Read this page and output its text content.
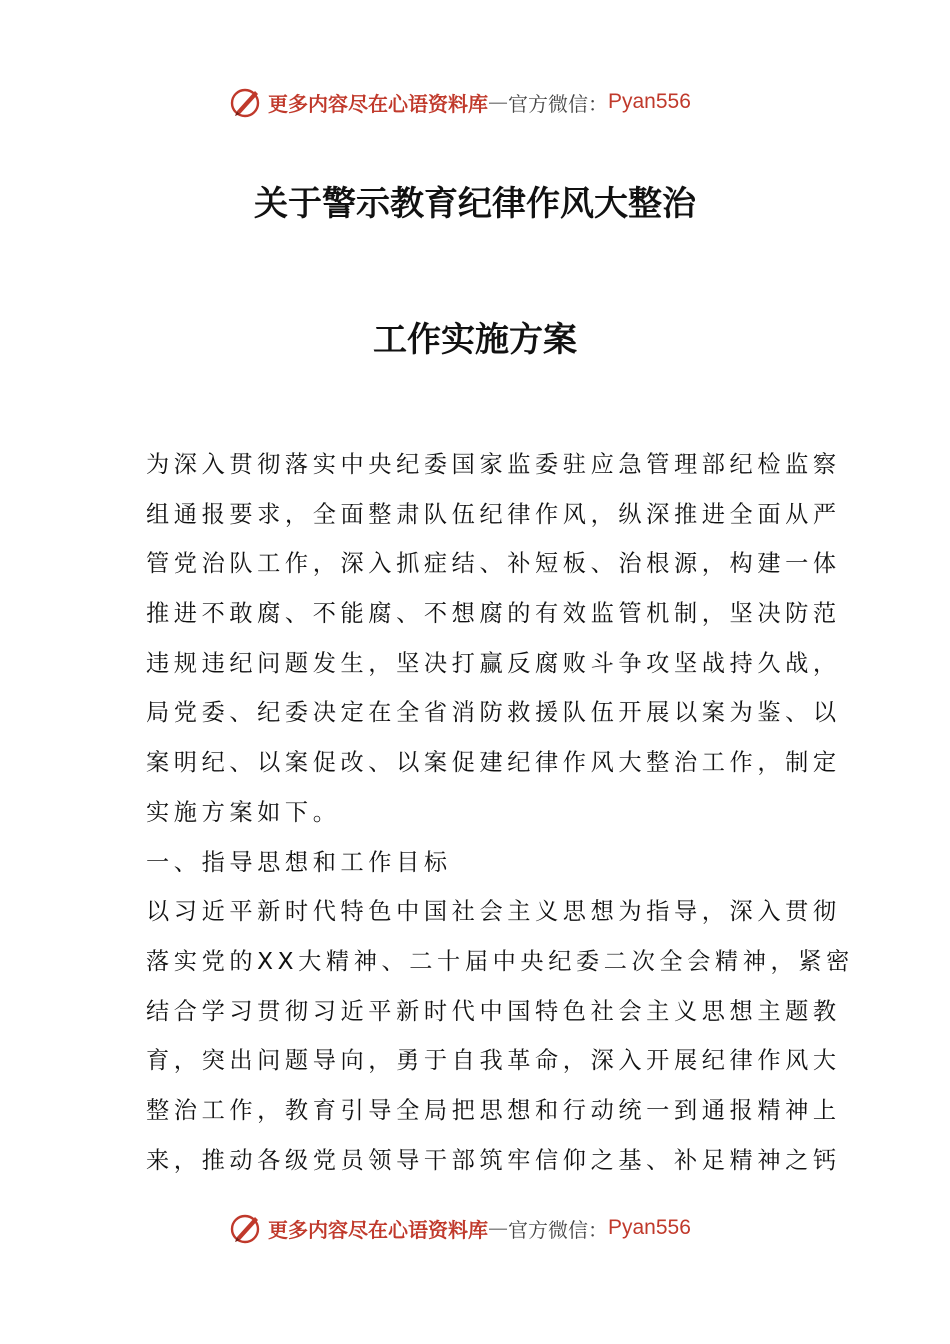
更多内容尽在心语资料库 — 官方微信： Pyan556
关于警示教育纪律作风大整治
工作实施方案
为深入贯彻落实中央纪委国家监委驻应急管理部纪检监察
组通报要求，全面整肃队伍纪律作风，纵深推进全面从严
管党治队工作，深入抓症结、补短板、治根源，构建一体
推进不敢腐、不能腐、不想腐的有效监管机制，坚决防范
违规违纪问题发生，坚决打赢反腐败斗争攻坚战持久战，
局党委、纪委决定在全省消防救援队伍开展以案为鉴、以
案明纪、以案促改、以案促建纪律作风大整治工作，制定
实施方案如下。
一、指导思想和工作目标
以习近平新时代特色中国社会主义思想为指导，深入贯彻
落实党的XX大精神、二十届中央纪委二次全会精神，紧密
结合学习贯彻习近平新时代中国特色社会主义思想主题教
育，突出问题导向，勇于自我革命，深入开展纪律作风大
整治工作，教育引导全局把思想和行动统一到通报精神上
来，推动各级党员领导干部筑牢信仰之基、补足精神之钙
更多内容尽在心语资料库 — 官方微信： Pyan556
